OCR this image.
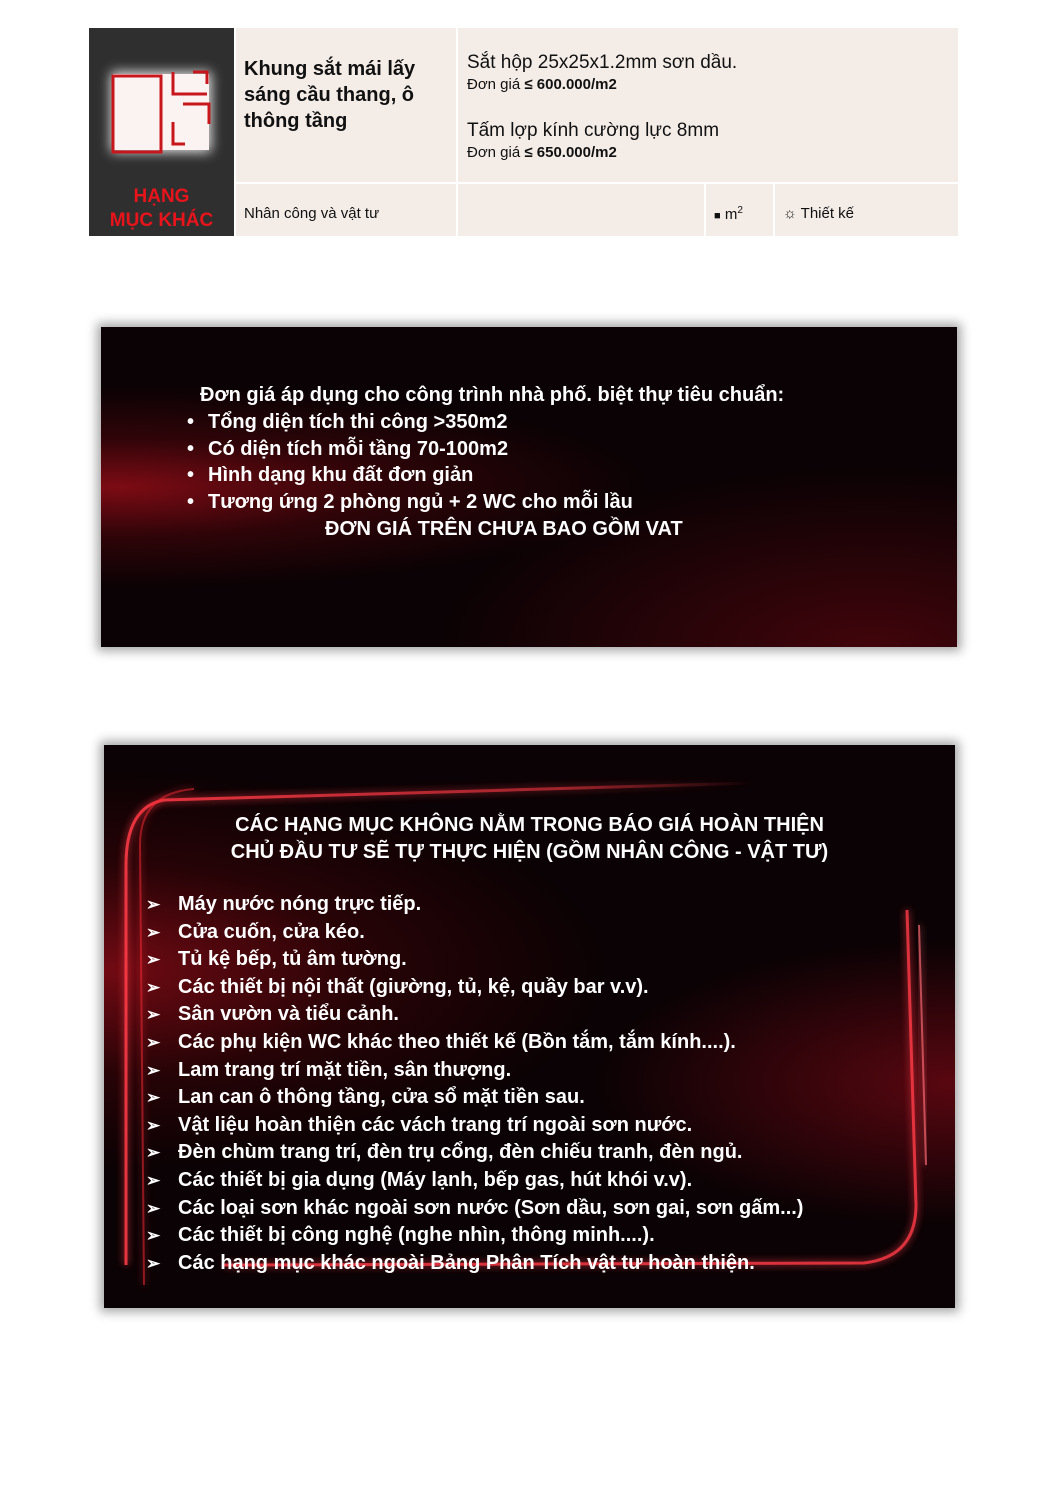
HẠNG
MỤC KHÁC
Khung sắt mái lấy sáng cầu thang, ô thông tầng
Sắt hộp 25x25x1.2mm sơn dầu.
Đơn giá ≤ 600.000/m2
Tấm lợp kính cường lực 8mm
Đơn giá ≤ 650.000/m2
Nhân công và vật tư	■ $m^2$	☼ Thiết kế
Đơn giá áp dụng cho công trình nhà phố. biệt thự tiêu chuẩn:
• Tổng diện tích thi công >350m2
• Có diện tích mỗi tầng 70-100m2
• Hình dạng khu đất đơn giản
• Tương ứng 2 phòng ngủ + 2 WC cho mỗi lầu
ĐƠN GIÁ TRÊN CHƯA BAO GỒM VAT
CÁC HẠNG MỤC KHÔNG NẰM TRONG BÁO GIÁ HOÀN THIỆN
CHỦ ĐẦU TƯ SẼ TỰ THỰC HIỆN (GỒM NHÂN CÔNG - VẬT TƯ)
➢ Máy nước nóng trực tiếp.
➢ Cửa cuốn, cửa kéo.
➢ Tủ kệ bếp, tủ âm tường.
➢ Các thiết bị nội thất (giường, tủ, kệ, quầy bar v.v).
➢ Sân vườn và tiểu cảnh.
➢ Các phụ kiện WC khác theo thiết kế (Bồn tắm, tắm kính....).
➢ Lam trang trí mặt tiền, sân thượng.
➢ Lan can ô thông tầng, cửa sổ mặt tiền sau.
➢ Vật liệu hoàn thiện các vách trang trí ngoài sơn nước.
➢ Đèn chùm trang trí, đèn trụ cổng, đèn chiếu tranh, đèn ngủ.
➢ Các thiết bị gia dụng (Máy lạnh, bếp gas, hút khói v.v).
➢ Các loại sơn khác ngoài sơn nước (Sơn dầu, sơn gai, sơn gấm...)
➢ Các thiết bị công nghệ (nghe nhìn, thông minh....).
➢ Các hạng mục khác ngoài Bảng Phân Tích vật tư hoàn thiện.
